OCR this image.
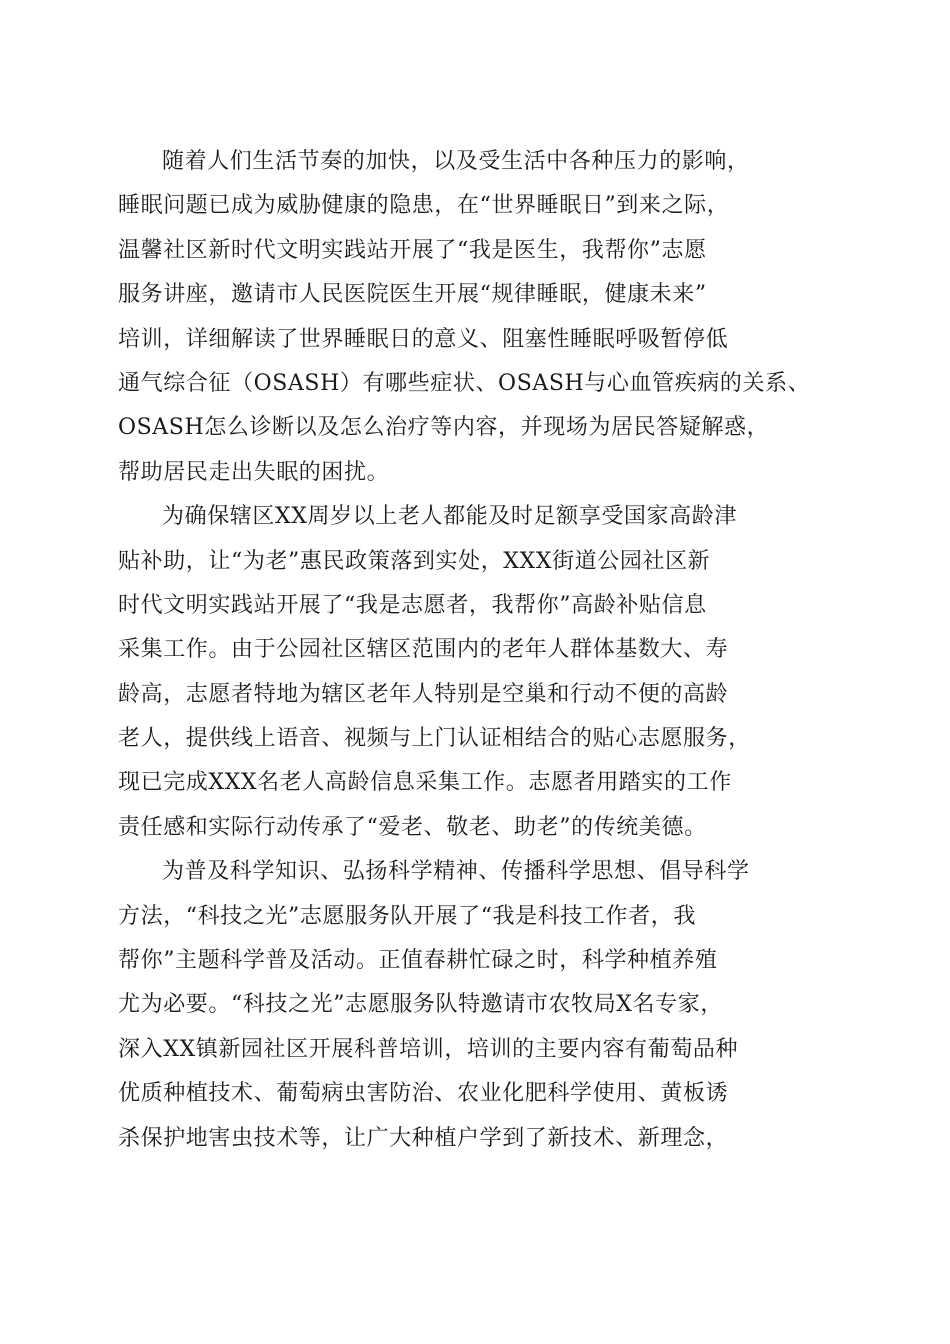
随着人们生活节奏的加快，以及受生活中各种压力的影响，
睡眠问题已成为威胁健康的隐患，在“世界睡眠日”到来之际，
温馨社区新时代文明实践站开展了“我是医生，我帮你”志愿
服务讲座，邀请市人民医院医生开展“规律睡眠，健康未来”
培训，详细解读了世界睡眠日的意义、阻塞性睡眠呼吸暂停低
通气综合征（OSASH）有哪些症状、OSASH与心血管疾病的关系、
OSASH怎么诊断以及怎么治疗等内容，并现场为居民答疑解惑，
帮助居民走出失眠的困扰。
为确保辖区XX周岁以上老人都能及时足额享受国家高龄津
贴补助，让“为老”惠民政策落到实处，XXX街道公园社区新
时代文明实践站开展了“我是志愿者，我帮你”高龄补贴信息
采集工作。由于公园社区辖区范围内的老年人群体基数大、寿
龄高，志愿者特地为辖区老年人特别是空巢和行动不便的高龄
老人，提供线上语音、视频与上门认证相结合的贴心志愿服务，
现已完成XXX名老人高龄信息采集工作。志愿者用踏实的工作
责任感和实际行动传承了“爱老、敬老、助老”的传统美德。
为普及科学知识、弘扬科学精神、传播科学思想、倡导科学
方法，“科技之光”志愿服务队开展了“我是科技工作者，我
帮你”主题科学普及活动。正值春耕忙碌之时，科学种植养殖
尤为必要。“科技之光”志愿服务队特邀请市农牧局X名专家，
深入XX镇新园社区开展科普培训，培训的主要内容有葡萄品种
优质种植技术、葡萄病虫害防治、农业化肥科学使用、黄板诱
杀保护地害虫技术等，让广大种植户学到了新技术、新理念，
